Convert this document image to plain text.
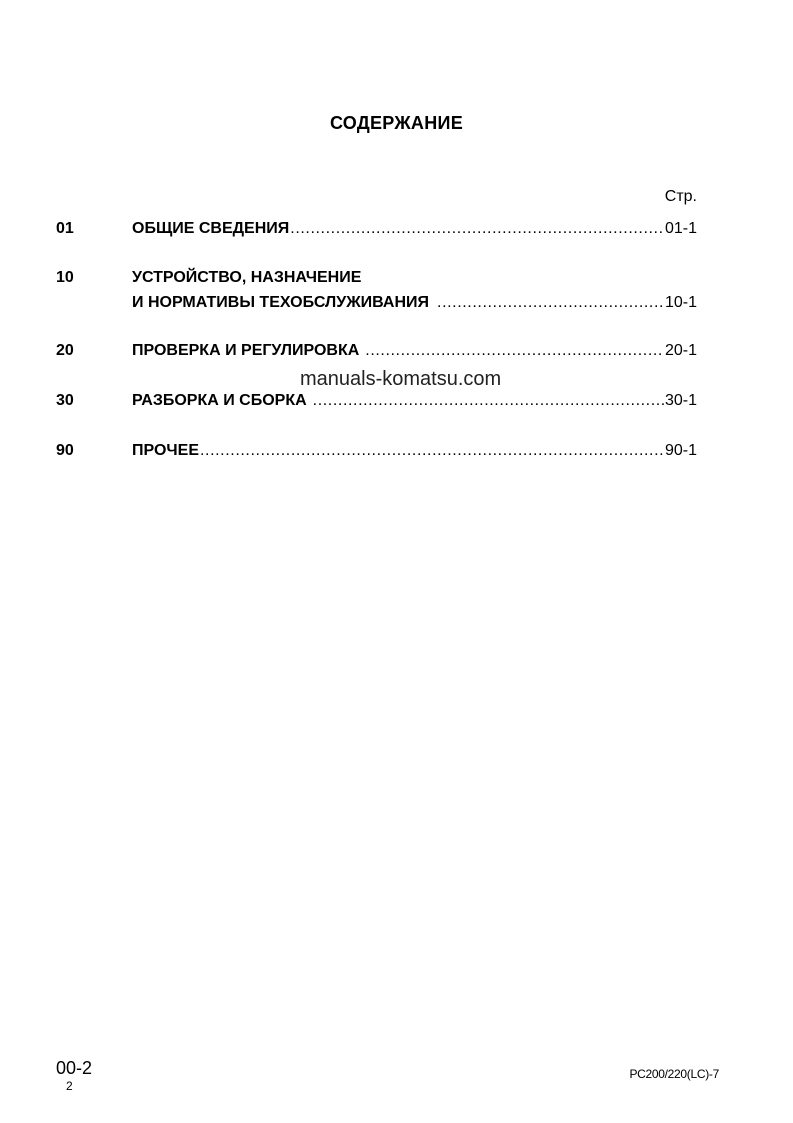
СОДЕРЖАНИЕ
Стр.
01	ОБЩИЕ СВЕДЕНИЯ .....	01-1
10	УСТРОЙСТВО, НАЗНАЧЕНИЕ
И НОРМАТИВЫ ТЕХОБСЛУЖИВАНИЯ .....	10-1
20	ПРОВЕРКА И РЕГУЛИРОВКА .....	20-1
manuals-komatsu.com
30	РАЗБОРКА И СБОРКА .....	30-1
90	ПРОЧЕЕ .....	90-1
00-2
2
PC200/220(LC)-7
